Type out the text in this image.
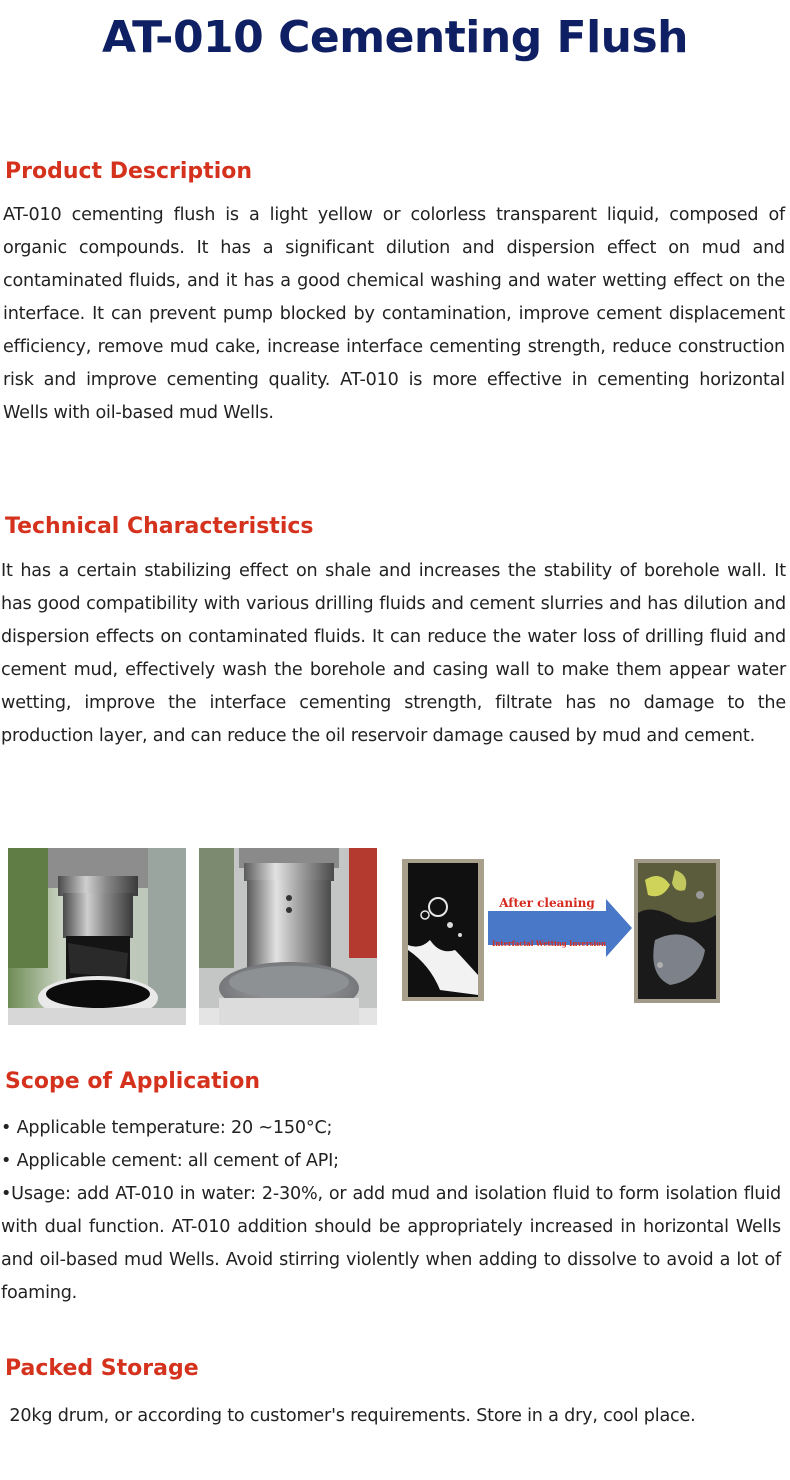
AT-010 Cementing Flush
Product Description

AT-010 cementing flush is a light yellow or colorless transparent liquid, composed of organic compounds. It has a significant dilution and dispersion effect on mud and contaminated fluids, and it has a good chemical washing and water wetting effect on the interface. It can prevent pump blocked by contamination, improve cement displacement efficiency, remove mud cake, increase interface cementing strength, reduce construction risk and improve cementing quality. AT-010 is more effective in cementing horizontal Wells with oil-based mud Wells.

Technical Characteristics

It has a certain stabilizing effect on shale and increases the stability of borehole wall. It has good compatibility with various drilling fluids and cement slurries and has dilution and dispersion effects on contaminated fluids. It can reduce the water loss of drilling fluid and cement mud, effectively wash the borehole and casing wall to make them appear water wetting, improve the interface cementing strength, filtrate has no damage to the production layer, and can reduce the oil reservoir damage caused by mud and cement.

After cleaning
Interfacial Wetting Inversion
Scope of Application

• Applicable temperature: 20 ~150°C;

• Applicable cement: all cement of API;

•Usage: add AT-010 in water: 2-30%, or add mud and isolation fluid to form isolation fluid with dual function. AT-010 addition should be appropriately increased in horizontal Wells and oil-based mud Wells. Avoid stirring violently when adding to dissolve to avoid a lot of foaming.

Packed Storage

20kg drum, or according to customer's requirements. Store in a dry, cool place.
